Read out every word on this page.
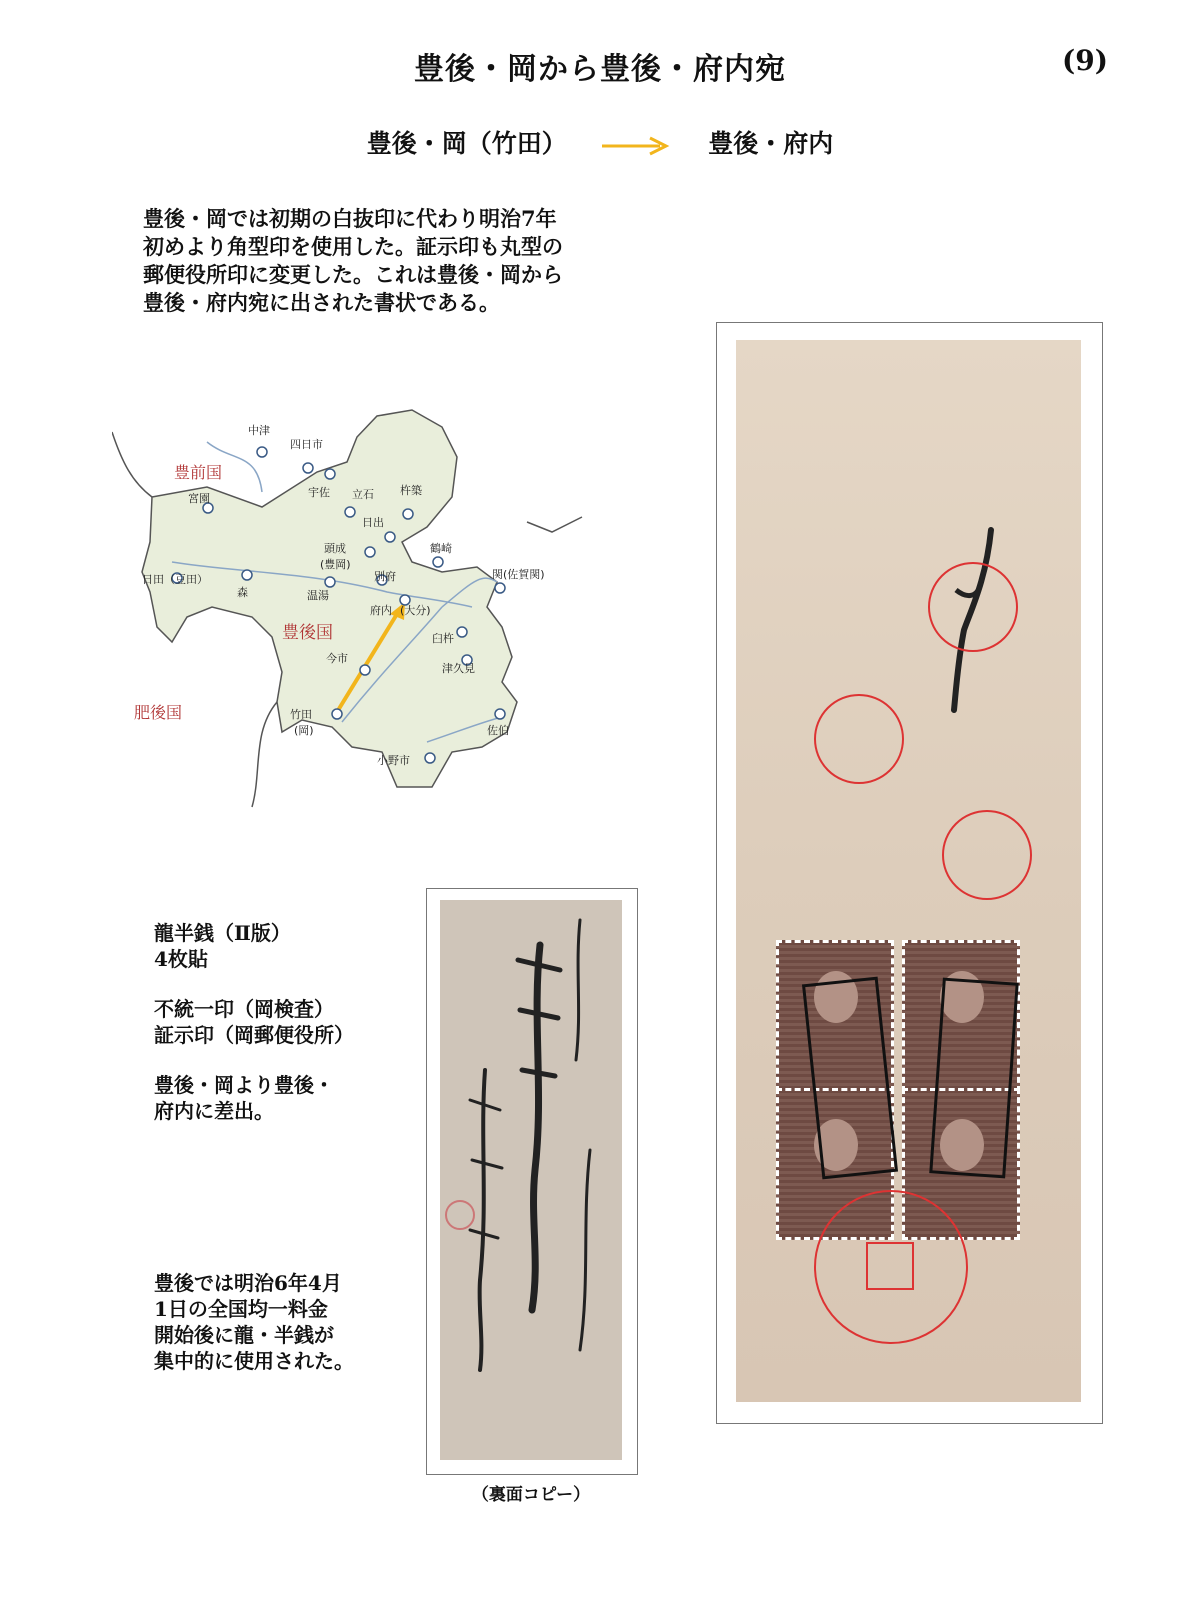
豊後・岡から豊後・府内宛	(9)
豊後・岡（竹田）	豊後・府内
豊後・岡では初期の白抜印に代わり明治7年
初めより角型印を使用した。証示印も丸型の
郵便役所印に変更した。これは豊後・岡から
豊後・府内宛に出された書状である。
豊前国
豊後国
肥後国
中津
四日市
宇佐
宮園	立石 杵築
日出
頭成
(豊岡)
別府
鶴崎
関(佐賀関)
日田（豆田）
森	温湯
府内 (大分)
臼杵
今市
津久見
竹田
(岡)	佐伯
小野市
龍半銭（Ⅱ版）
4枚貼
不統一印（岡検査）
証示印（岡郵便役所）
豊後・岡より豊後・
府内に差出。
豊後では明治6年4月
1日の全国均一料金
開始後に龍・半銭が
集中的に使用された。
（裏面コピー）
